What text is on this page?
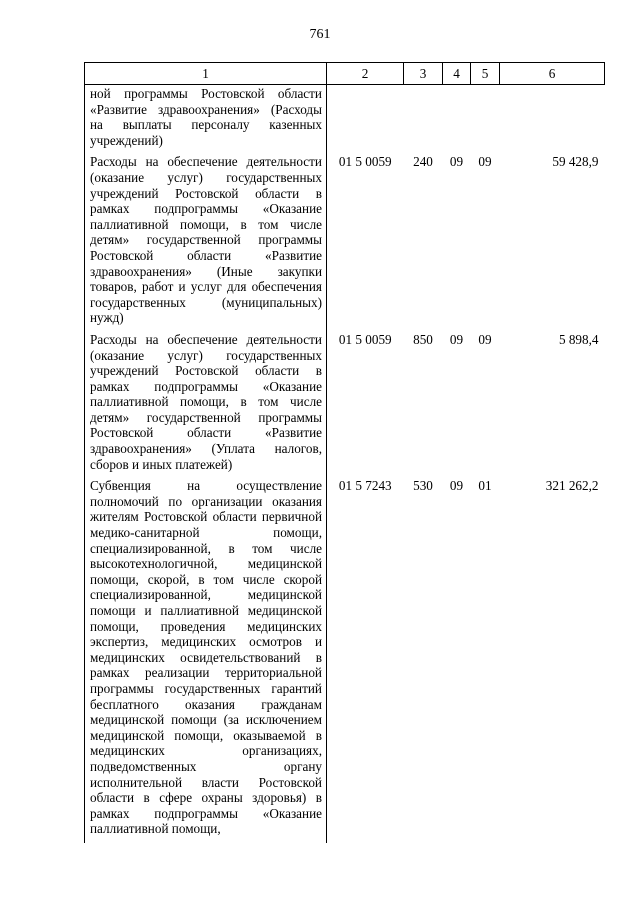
761
1	2	3	4	5	6
ной программы Ростовской области «Развитие здравоохранения» (Расходы на выплаты персоналу казенных учреждений)					
Расходы на обеспечение деятельности (оказание услуг) государственных учреждений Ростовской области в рамках подпрограммы «Оказание паллиативной помощи, в том числе детям» государственной программы Ростовской области «Развитие здравоохранения» (Иные закупки товаров, работ и услуг для обеспечения государственных (муниципальных) нужд)	01 5 0059	240	09	09	59 428,9
Расходы на обеспечение деятельности (оказание услуг) государственных учреждений Ростовской области в рамках подпрограммы «Оказание паллиативной помощи, в том числе детям» государственной программы Ростовской области «Развитие здравоохранения» (Уплата налогов, сборов и иных платежей)	01 5 0059	850	09	09	5 898,4
Субвенция на осуществление полномочий по организации оказания жителям Ростовской области первичной медико-санитарной помощи, специализированной, в том числе высокотехнологичной, медицинской помощи, скорой, в том числе скорой специализированной, медицинской помощи и паллиативной медицинской помощи, проведения медицинских экспертиз, медицинских осмотров и медицинских освидетельствований в рамках реализации территориальной программы государственных гарантий бесплатного оказания гражданам медицинской помощи (за исключением медицинской помощи, оказываемой в медицинских организациях, подведомственных органу исполнительной власти Ростовской области в сфере охраны здоровья) в рамках подпрограммы «Оказание паллиативной помощи,	01 5 7243	530	09	01	321 262,2
